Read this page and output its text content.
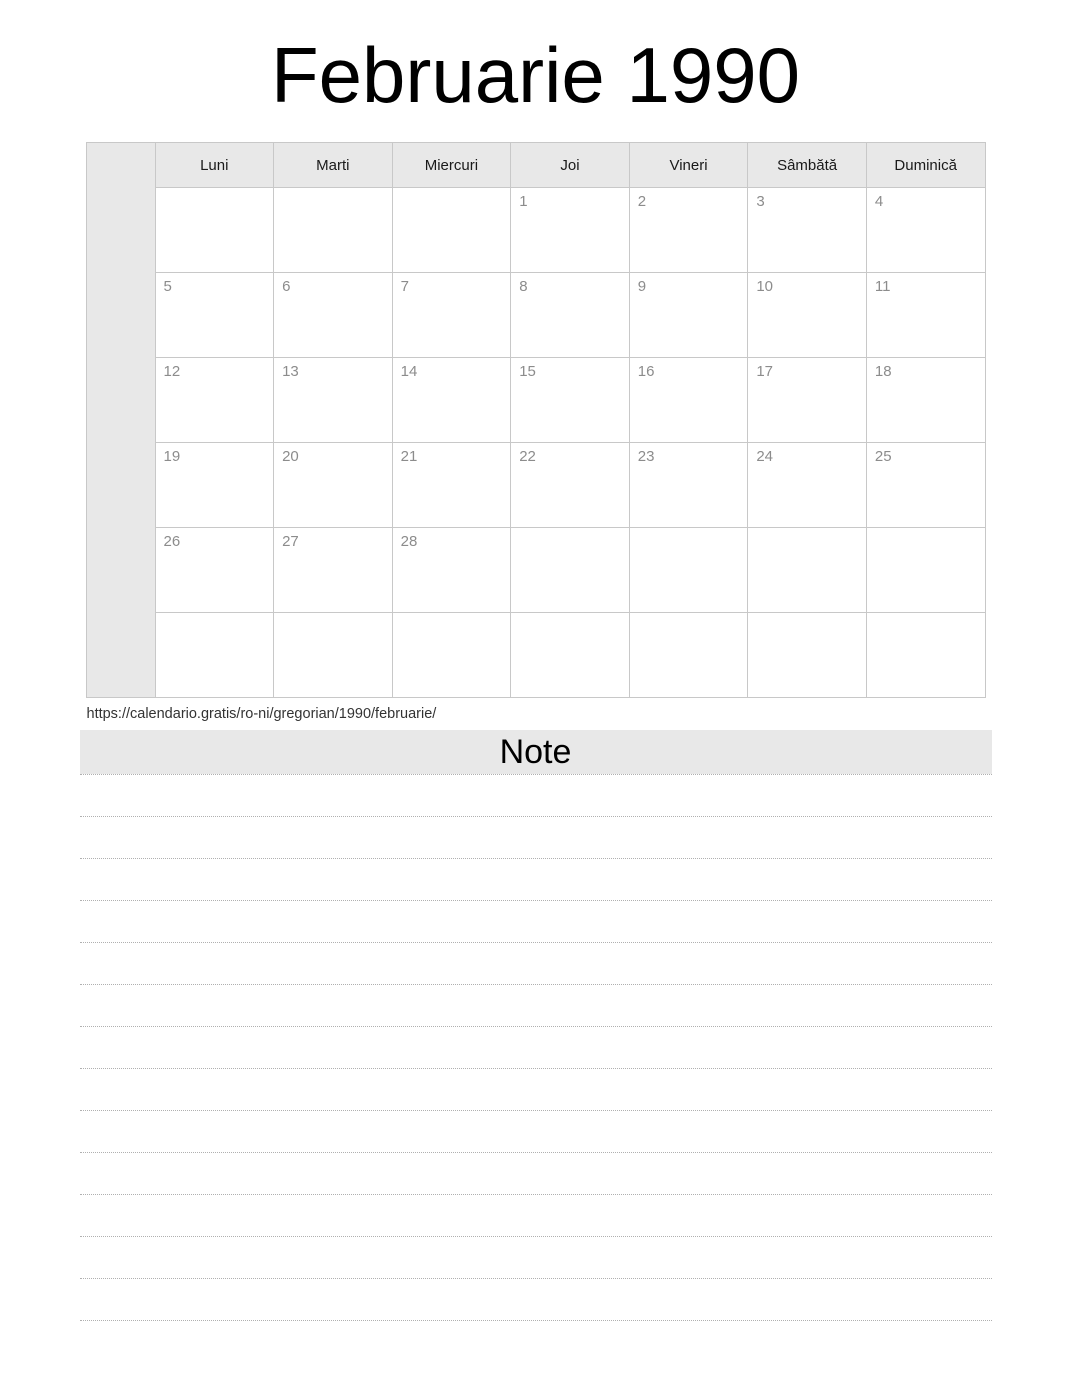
Februarie 1990
	Luni	Marti	Miercuri	Joi	Vineri	Sâmbătă	Duminică

				1	2	3	4

	5	6	7	8	9	10	11

	12	13	14	15	16	17	18

	19	20	21	22	23	24	25

	26	27	28				

https://calendario.gratis/ro-ni/gregorian/1990/februarie/
Note
